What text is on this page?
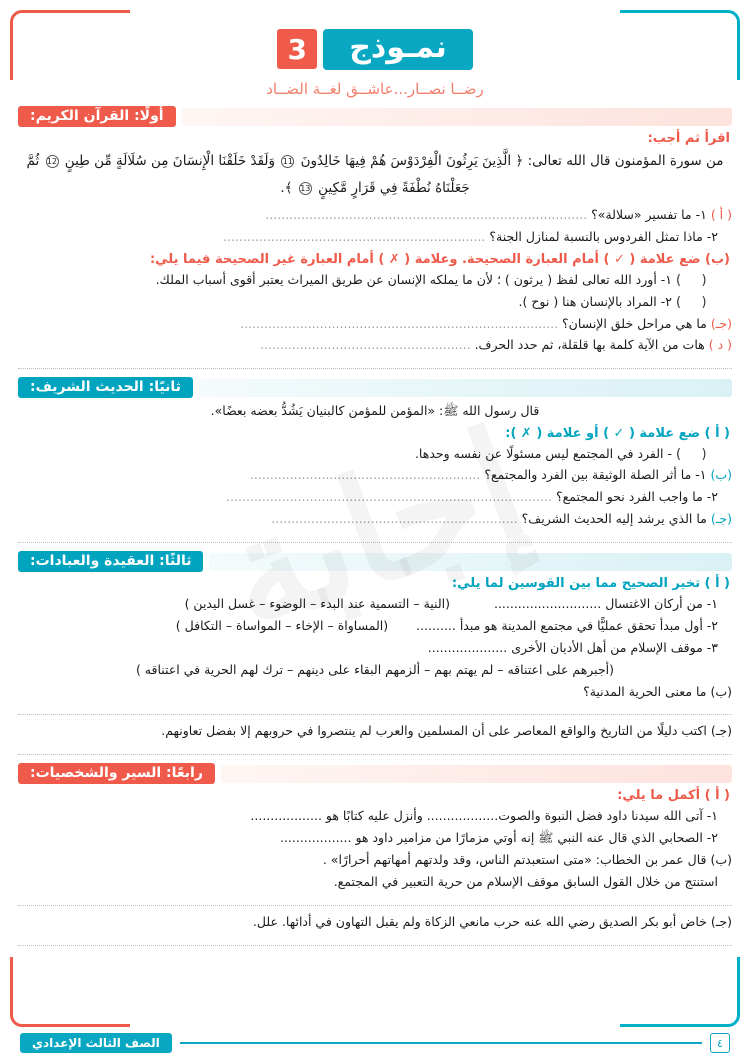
نمـوذج
3
رضــا نصــار...عاشــق لغــة الضــاد
أولًا: القرآن الكريم:
اقرأ ثم أجب:
من سورة المؤمنون قال الله تعالى: ﴿ الَّذِينَ يَرِثُونَ الْفِرْدَوْسَ هُمْ فِيهَا خَالِدُونَ 11 وَلَقَدْ خَلَقْنَا الْإِنسَانَ مِن سُلَالَةٍ مِّن طِينٍ 12 ثُمَّ جَعَلْنَاهُ نُطْفَةً فِي قَرَارٍ مَّكِينٍ 13 ﴾.
( أ ) ١- ما تفسير «سلالة»؟ .................................................................................
٢- ماذا تمثل الفردوس بالنسبة لمنازل الجنة؟ ..................................................................
(ب) ضع علامة ( ✓ ) أمام العبارة الصحيحة. وعلامة ( ✗ ) أمام العبارة غير الصحيحة فيما يلي:
(   )
١- أورد الله تعالى لفظ ( يرثون ) ؛ لأن ما يملكه الإنسان عن طريق الميراث يعتبر أقوى أسباب الملك.
(   )
٢- المراد بالإنسان هنا ( نوح ).
(جـ) ما هي مراحل خلق الإنسان؟ ................................................................................
( د ) هات من الآية كلمة بها قلقلة، ثم حدد الحرف. .....................................................
ثانيًا: الحديث الشريف:
قال رسول الله ﷺ: «المؤمن للمؤمن كالبنيان يَشُدُّ بعضه بعضًا».
( أ ) ضع علامة ( ✓ ) أو علامة ( ✗ ):
(   )
- الفرد في المجتمع ليس مسئولًا عن نفسه وحدها.
(ب) ١- ما أثر الصلة الوثيقة بين الفرد والمجتمع؟ ..........................................................
٢- ما واجب الفرد نحو المجتمع؟ ..................................................................................
(جـ) ما الذي يرشد إليه الحديث الشريف؟ ..............................................................
ثالثًا: العقيدة والعبادات:
( أ ) تخير الصحيح مما بين القوسين لما يلي:
١- من أركان الاغتسال ........................... (النية – التسمية عند البدء – الوضوء – غسل اليدين )
٢- أول مبدأ تحقق عمليًّا في مجتمع المدينة هو مبدأ .......... (المساواة – الإخاء – المواساة – التكافل )
٣- موقف الإسلام من أهل الأديان الأخرى ....................
(أجبرهم على اعتناقه – لم يهتم بهم – ألزمهم البقاء على دينهم – ترك لهم الحرية في اعتناقه )
(ب) ما معنى الحرية المدنية؟
(جـ) اكتب دليلًا من التاريخ والواقع المعاصر على أن المسلمين والعرب لم ينتصروا في حروبهم إلا بفضل تعاونهم.
رابعًا: السير والشخصيات:
( أ ) أكمل ما يلي:
١- آتى الله سيدنا داود فضل النبوة والصوت.................. وأنزل عليه كتابًا هو ..................
٢- الصحابي الذي قال عنه النبي ﷺ إنه أوتي مزمارًا من مزامير داود هو ..................
(ب) قال عمر بن الخطاب: «متى استعبدتم الناس، وقد ولدتهم أمهاتهم أحرارًا» .
استنتج من خلال القول السابق موقف الإسلام من حرية التعبير في المجتمع.
(جـ) خاض أبو بكر الصديق رضي الله عنه حرب مانعي الزكاة ولم يقبل التهاون في أدائها. علل.
٤
الصف الثالث الإعدادي
